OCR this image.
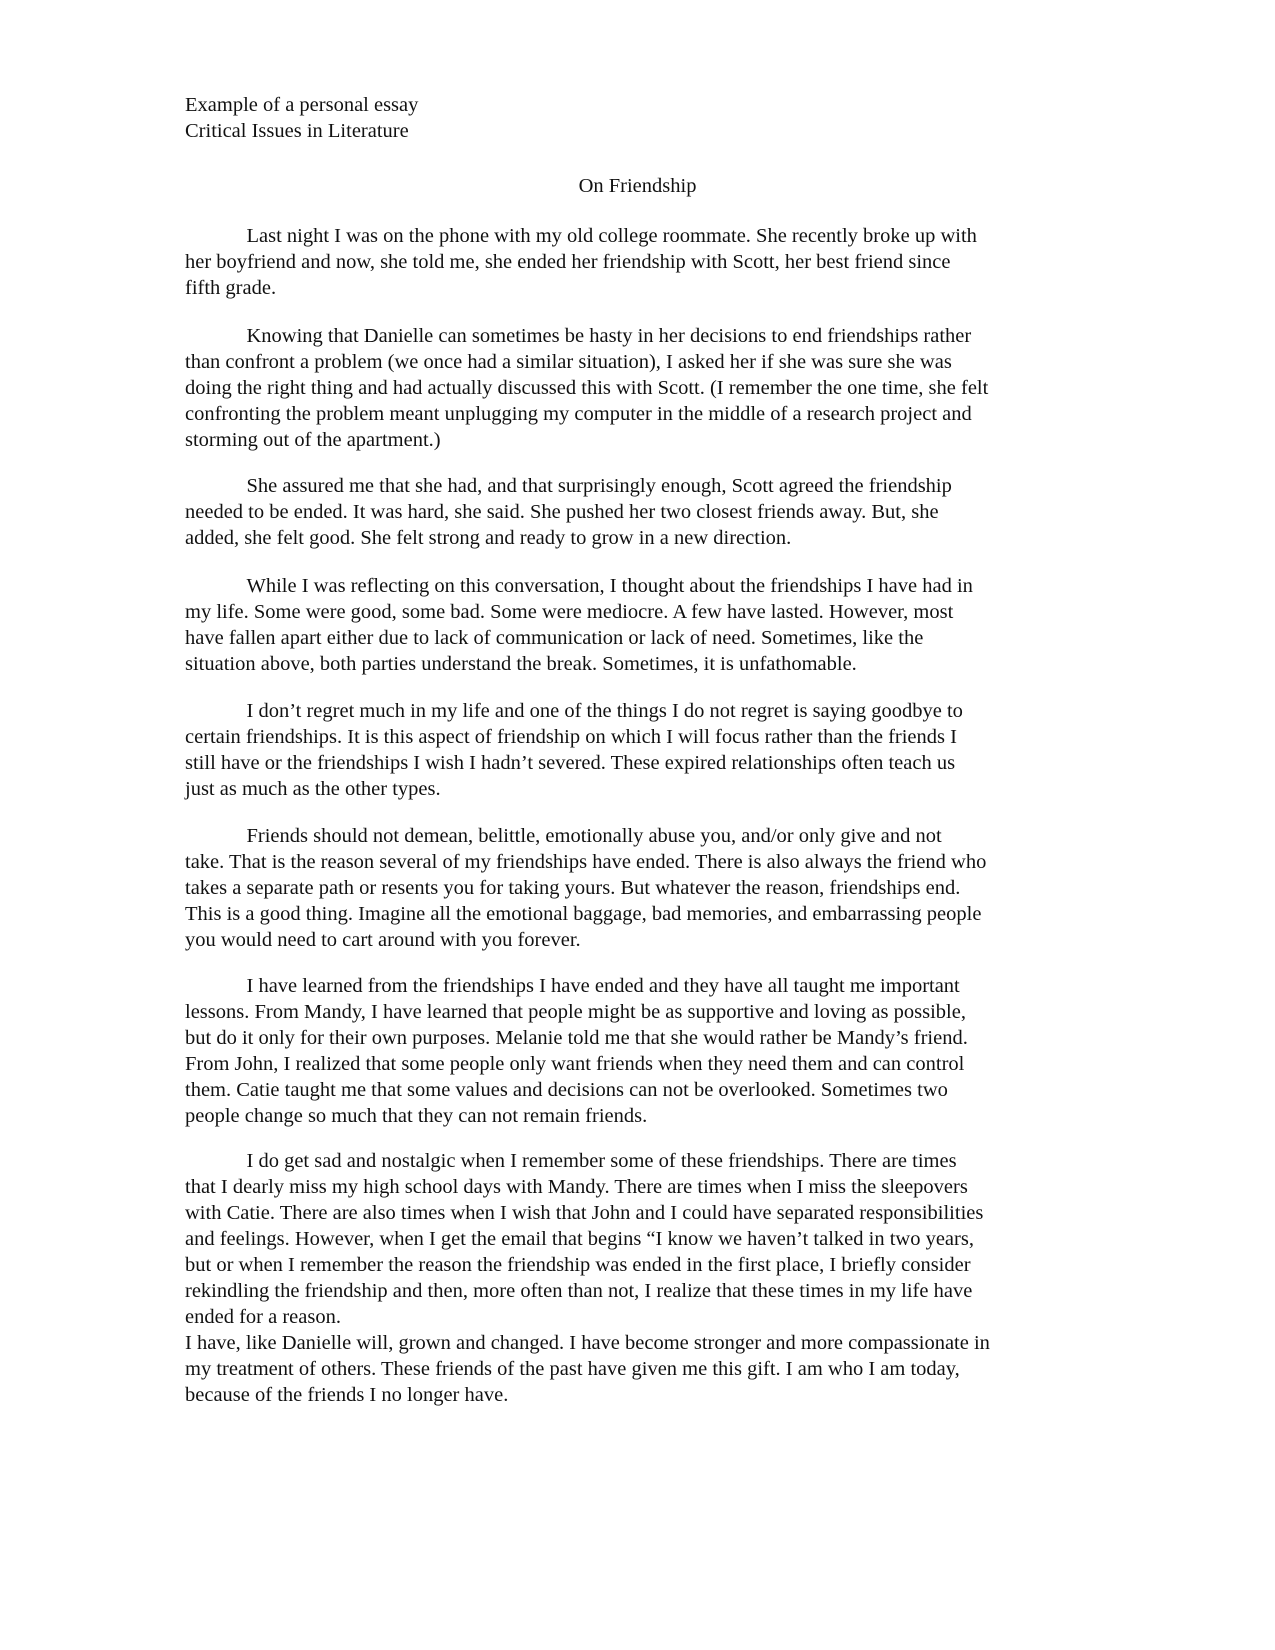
Example of a personal essay
Critical Issues in Literature
On Friendship
Last night I was on the phone with my old college roommate. She recently broke up with
her boyfriend and now, she told me, she ended her friendship with Scott, her best friend since
fifth grade.
Knowing that Danielle can sometimes be hasty in her decisions to end friendships rather
than confront a problem (we once had a similar situation), I asked her if she was sure she was
doing the right thing and had actually discussed this with Scott. (I remember the one time, she felt
confronting the problem meant unplugging my computer in the middle of a research project and
storming out of the apartment.)
She assured me that she had, and that surprisingly enough, Scott agreed the friendship
needed to be ended. It was hard, she said. She pushed her two closest friends away. But, she
added, she felt good. She felt strong and ready to grow in a new direction.
While I was reflecting on this conversation, I thought about the friendships I have had in
my life. Some were good, some bad. Some were mediocre. A few have lasted. However, most
have fallen apart either due to lack of communication or lack of need. Sometimes, like the
situation above, both parties understand the break. Sometimes, it is unfathomable.
I don’t regret much in my life and one of the things I do not regret is saying goodbye to
certain friendships. It is this aspect of friendship on which I will focus rather than the friends I
still have or the friendships I wish I hadn’t severed. These expired relationships often teach us
just as much as the other types.
Friends should not demean, belittle, emotionally abuse you, and/or only give and not
take. That is the reason several of my friendships have ended. There is also always the friend who
takes a separate path or resents you for taking yours. But whatever the reason, friendships end.
This is a good thing. Imagine all the emotional baggage, bad memories, and embarrassing people
you would need to cart around with you forever.
I have learned from the friendships I have ended and they have all taught me important
lessons. From Mandy, I have learned that people might be as supportive and loving as possible,
but do it only for their own purposes. Melanie told me that she would rather be Mandy’s friend.
From John, I realized that some people only want friends when they need them and can control
them. Catie taught me that some values and decisions can not be overlooked. Sometimes two
people change so much that they can not remain friends.
I do get sad and nostalgic when I remember some of these friendships. There are times
that I dearly miss my high school days with Mandy. There are times when I miss the sleepovers
with Catie. There are also times when I wish that John and I could have separated responsibilities
and feelings. However, when I get the email that begins “I know we haven’t talked in two years,
but or when I remember the reason the friendship was ended in the first place, I briefly consider
rekindling the friendship and then, more often than not, I realize that these times in my life have
ended for a reason.
I have, like Danielle will, grown and changed. I have become stronger and more compassionate in
my treatment of others. These friends of the past have given me this gift. I am who I am today,
because of the friends I no longer have.
